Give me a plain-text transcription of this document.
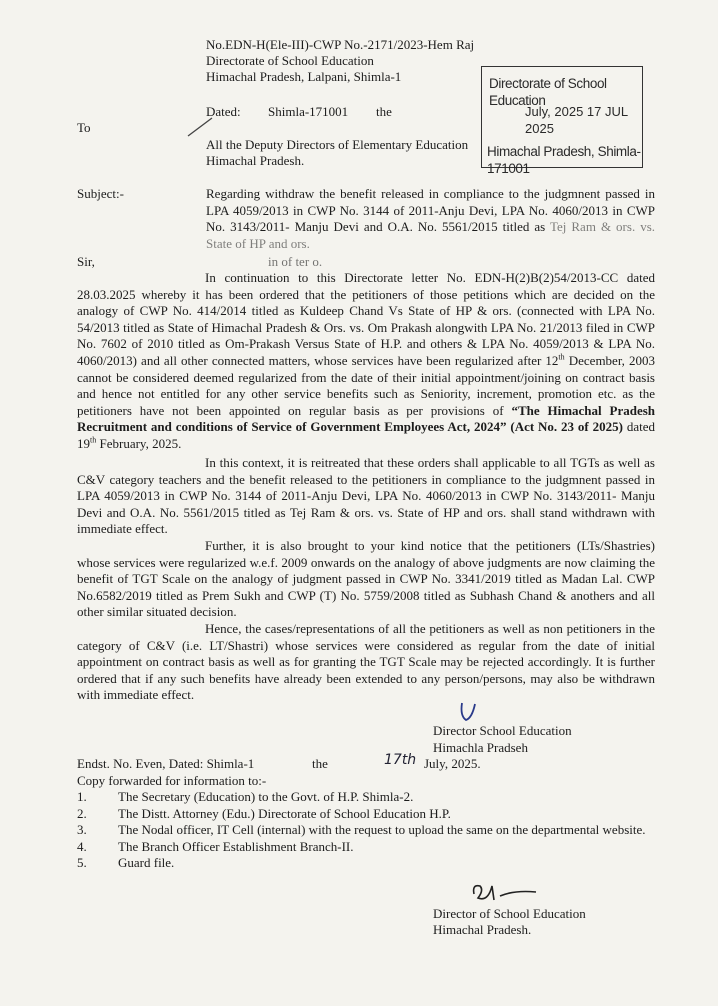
No.EDN-H(Ele-III)-CWP No.-2171/2023-Hem Raj
Directorate of School Education
Himachal Pradesh, Lalpani, Shimla-1
Dated: Shimla-171001 the
To
All the Deputy Directors of Elementary Education
Himachal Pradesh.
Directorate of School Education
July, 2025 17 JUL 2025
Himachal Pradesh, Shimla-171001
Subject:-	Regarding withdraw the benefit released in compliance to the judgmnent passed in LPA 4059/2013 in CWP No. 3144 of 2011-Anju Devi, LPA No. 4060/2013 in CWP No. 3143/2011- Manju Devi and O.A. No. 5561/2015 titled as Tej Ram & ors. vs. State of HP and ors.
Sir,	in of ter o.
In continuation to this Directorate letter No. EDN-H(2)B(2)54/2013-CC dated 28.03.2025 whereby it has been ordered that the petitioners of those petitions which are decided on the analogy of CWP No. 414/2014 titled as Kuldeep Chand Vs State of HP & ors. (connected with LPA No. 54/2013 titled as State of Himachal Pradesh & Ors. vs. Om Prakash alongwith LPA No. 21/2013 filed in CWP No. 7602 of 2010 titled as Om-Prakash Versus State of H.P. and others & LPA No. 4059/2013 & LPA No. 4060/2013) and all other connected matters, whose services have been regularized after 12th December, 2003 cannot be considered deemed regularized from the date of their initial appointment/joining on contract basis and hence not entitled for any other service benefits such as Seniority, increment, promotion etc. as the petitioners have not been appointed on regular basis as per provisions of “The Himachal Pradesh Recruitment and conditions of Service of Government Employees Act, 2024” (Act No. 23 of 2025) dated 19th February, 2025.
In this context, it is reitreated that these orders shall applicable to all TGTs as well as C&V category teachers and the benefit released to the petitioners in compliance to the judgmnent passed in LPA 4059/2013 in CWP No. 3144 of 2011-Anju Devi, LPA No. 4060/2013 in CWP No. 3143/2011- Manju Devi and O.A. No. 5561/2015 titled as Tej Ram & ors. vs. State of HP and ors. shall stand withdrawn with immediate effect.
Further, it is also brought to your kind notice that the petitioners (LTs/Shastries) whose services were regularized w.e.f. 2009 onwards on the analogy of above judgments are now claiming the benefit of TGT Scale on the analogy of judgment passed in CWP No. 3341/2019 titled as Madan Lal. CWP No.6582/2019 titled as Prem Sukh and CWP (T) No. 5759/2008 titled as Subhash Chand & anothers and all other similar situated decision.
Hence, the cases/representations of all the petitioners as well as non petitioners in the category of C&V (i.e. LT/Shastri) whose services were considered as regular from the date of initial appointment on contract basis as well as for granting the TGT Scale may be rejected accordingly. It is further ordered that if any such benefits have already been extended to any person/persons, may also be withdrawn with immediate effect.
Director School Education
Himachla Pradseh
Endst. No. Even, Dated: Shimla-1	the	17th July, 2025.
Copy forwarded for information to:-
1.	The Secretary (Education) to the Govt. of H.P. Shimla-2.
2.	The Distt. Attorney (Edu.) Directorate of School Education H.P.
3.	The Nodal officer, IT Cell (internal) with the request to upload the same on the departmental website.
4.	The Branch Officer Establishment Branch-II.
5.	Guard file.
Director of School Education
Himachal Pradesh.
